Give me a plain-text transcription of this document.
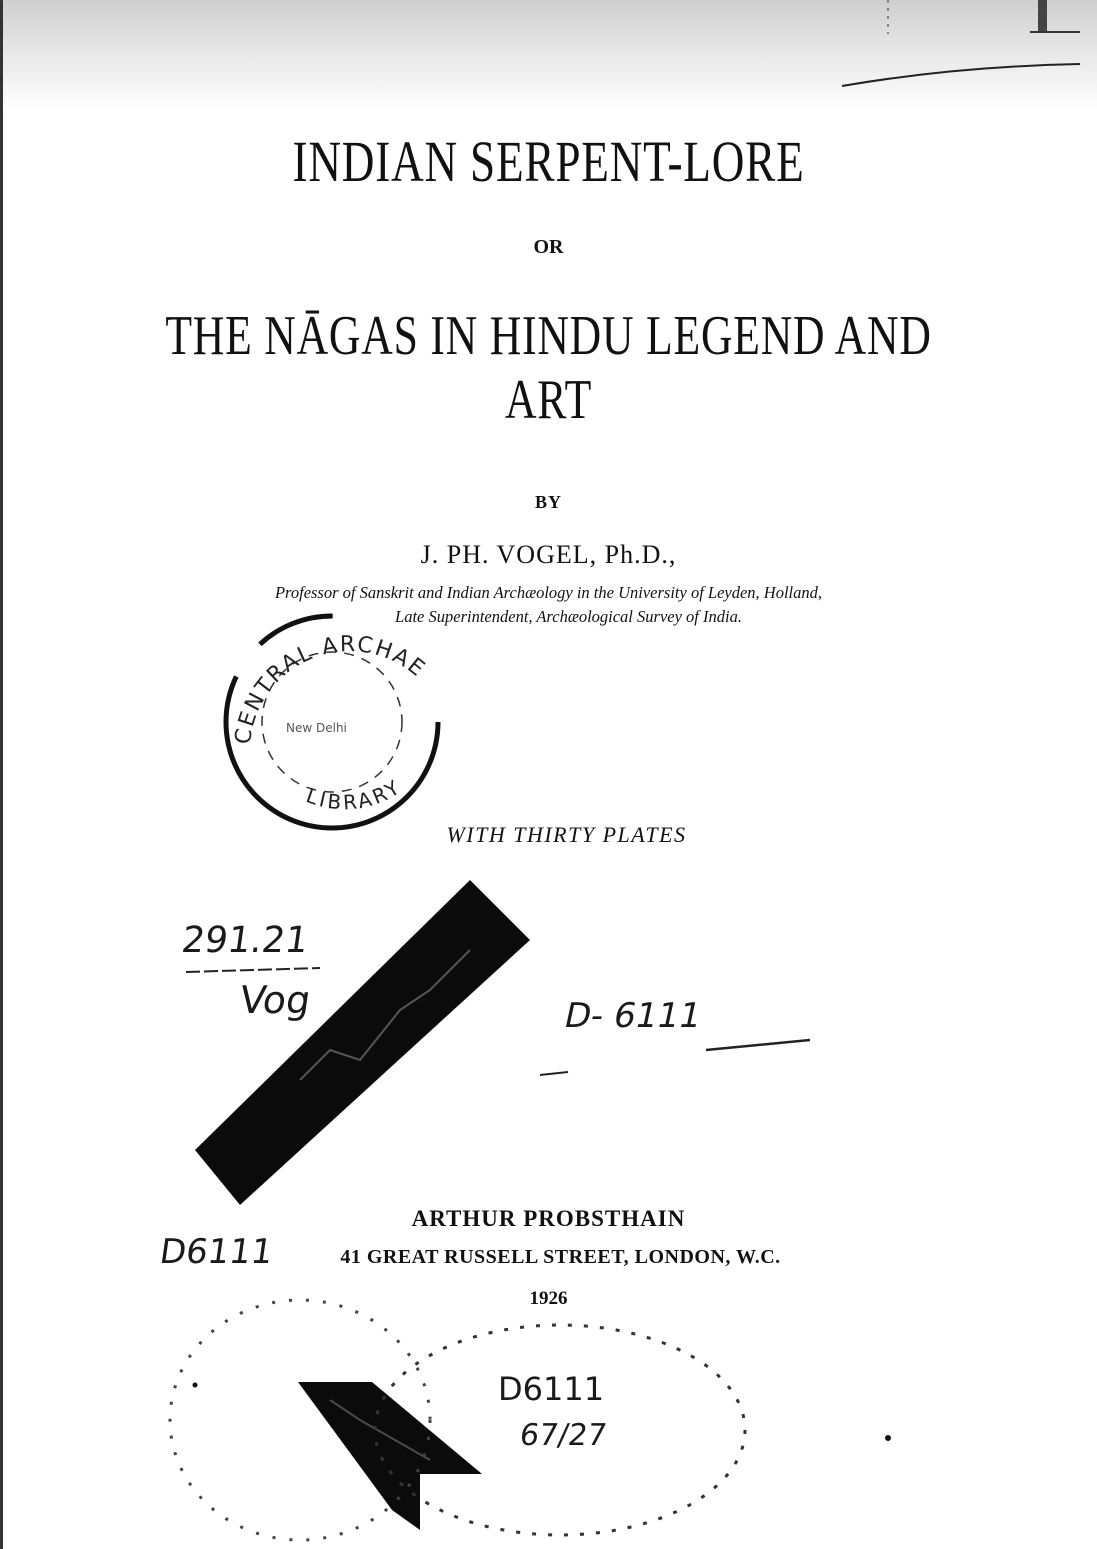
INDIAN SERPENT-LORE
OR
THE NĀGAS IN HINDU LEGEND AND ART
BY
J. PH. VOGEL, Ph.D.,
Professor of Sanskrit and Indian Archæology in the University of Leyden, Holland,
Late Superintendent, Archæological Survey of India.
CENTRAL ARCHAE
LIBRARY
New Delhi
WITH THIRTY PLATES
291.21
Vog	D- 6111
ARTHUR PROBSTHAIN
41 GREAT RUSSELL STREET, LONDON, W.C.
1926
D6111
D6111
67/27
